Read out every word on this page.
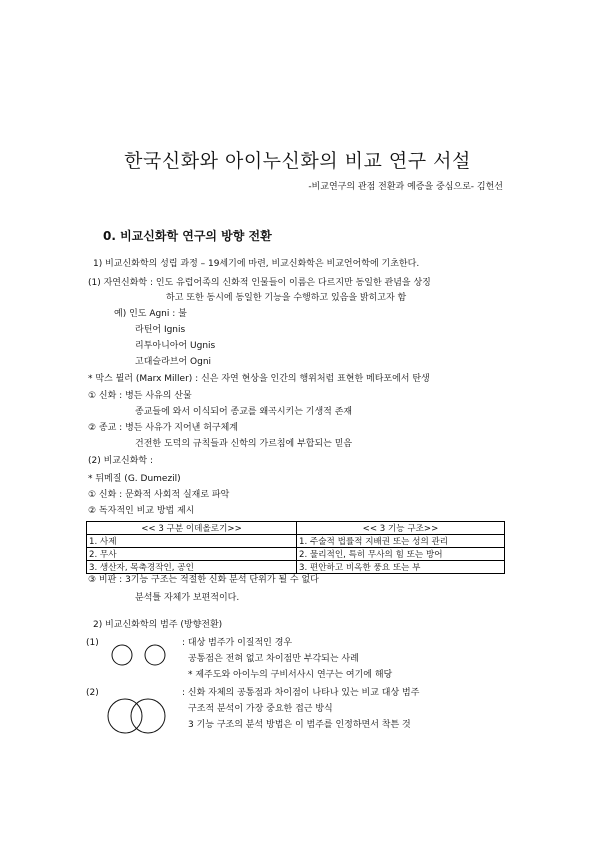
한국신화와 아이누신화의 비교 연구 서설
-비교연구의 관점 전환과 예증을 중심으로- 김헌선
0. 비교신화학 연구의 방향 전환
1) 비교신화학의 성립 과정 – 19세기에 마련, 비교신화학은 비교언어학에 기초한다.
(1) 자연신화학 : 인도 유럽어족의 신화적 인물들이 이름은 다르지만 동일한 관념을 상징
하고 또한 동시에 동일한 기능을 수행하고 있음을 밝히고자 함
예) 인도 Agni : 불
라틴어 Ignis
리투아니아어 Ugnis
고대슬라브어 Ogni
* 막스 뮐러 (Marx Miller) : 신은 자연 현상을 인간의 행위처럼 표현한 메타포에서 탄생
① 신화 : 병든 사유의 산물
종교들에 와서 이식되어 종교를 왜곡시키는 기생적 존재
② 종교 : 병든 사유가 지어낸 허구체계
건전한 도덕의 규칙들과 신학의 가르침에 부합되는 믿음
(2) 비교신화학 :
* 뒤메질 (G. Dumezil)
① 신화 : 문화적 사회적 실재로 파악
② 독자적인 비교 방법 제시
<< 3 구분 이데올로기>>	<< 3 기능 구조>>
1. 사제	1. 주술적 법률적 지배권 또는 성의 관리
2. 무사	2. 물리적인, 특히 무사의 힘 또는 방어
3. 생산자, 목축경작인, 공인	3. 편안하고 비옥한 풍요 또는 부
③ 비판 : 3기능 구조는 적절한 신화 분석 단위가 될 수 없다
분석틀 자체가 보편적이다.
2) 비교신화학의 범주 (방향전환)
(1)	: 대상 범주가 이질적인 경우
공통점은 전혀 없고 차이점만 부각되는 사례
* 제주도와 아이누의 구비서사시 연구는 여기에 해당
(2)	: 신화 자체의 공통점과 차이점이 나타나 있는 비교 대상 범주
구조적 분석이 가장 중요한 접근 방식
3 기능 구조의 분석 방법은 이 범주를 인정하면서 착튼 것
